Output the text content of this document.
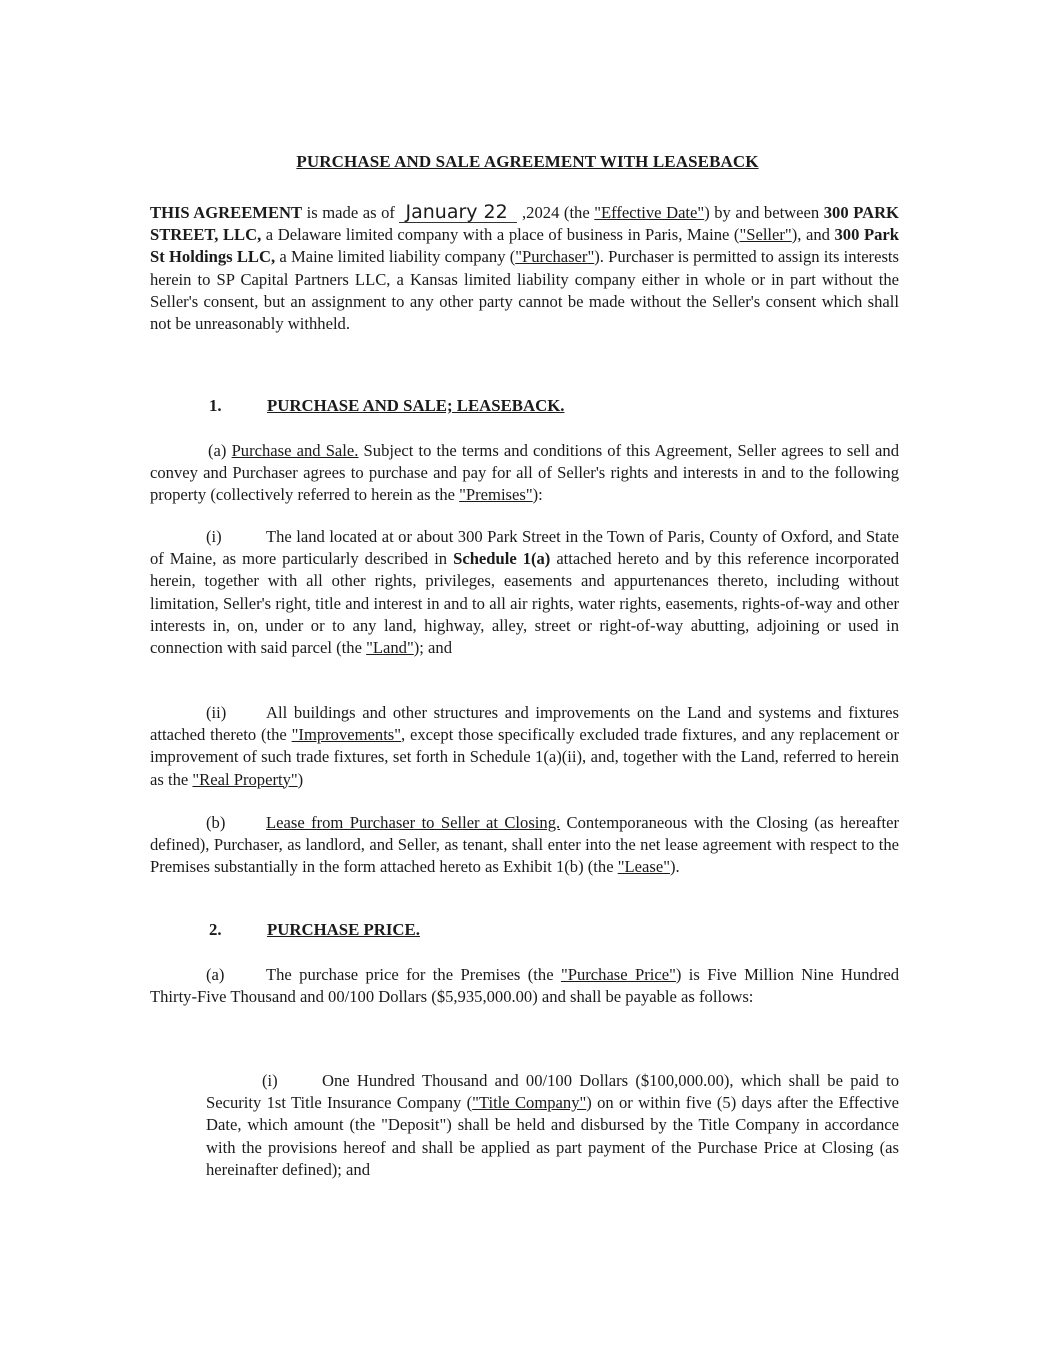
PURCHASE AND SALE AGREEMENT WITH LEASEBACK

THIS AGREEMENT is made as of January 22 ,2024 (the "Effective Date") by and between 300 PARK STREET, LLC, a Delaware limited company with a place of business in Paris, Maine ("Seller"), and 300 Park St Holdings LLC, a Maine limited liability company ("Purchaser"). Purchaser is permitted to assign its interests herein to SP Capital Partners LLC, a Kansas limited liability company either in whole or in part without the Seller's consent, but an assignment to any other party cannot be made without the Seller's consent which shall not be unreasonably withheld.

1.	PURCHASE AND SALE; LEASEBACK.

(a) Purchase and Sale. Subject to the terms and conditions of this Agreement, Seller agrees to sell and convey and Purchaser agrees to purchase and pay for all of Seller's rights and interests in and to the following property (collectively referred to herein as the "Premises"):

(i)	The land located at or about 300 Park Street in the Town of Paris, County of Oxford, and State of Maine, as more particularly described in Schedule 1(a) attached hereto and by this reference incorporated herein, together with all other rights, privileges, easements and appurtenances thereto, including without limitation, Seller's right, title and interest in and to all air rights, water rights, easements, rights-of-way and other interests in, on, under or to any land, highway, alley, street or right-of-way abutting, adjoining or used in connection with said parcel (the "Land"); and

(ii) All buildings and other structures and improvements on the Land and systems and fixtures attached thereto (the "Improvements", except those specifically excluded trade fixtures, and any replacement or improvement of such trade fixtures, set forth in Schedule 1(a)(ii), and, together with the Land, referred to herein as the "Real Property")

(b) Lease from Purchaser to Seller at Closing. Contemporaneous with the Closing (as hereafter defined), Purchaser, as landlord, and Seller, as tenant, shall enter into the net lease agreement with respect to the Premises substantially in the form attached hereto as Exhibit 1(b) (the "Lease").

2.	PURCHASE PRICE.

(a)	The purchase price for the Premises (the "Purchase Price") is Five Million Nine Hundred Thirty-Five Thousand and 00/100 Dollars ($5,935,000.00) and shall be payable as follows:

(i)	One Hundred Thousand and 00/100 Dollars ($100,000.00), which shall be paid to Security 1st Title Insurance Company ("Title Company") on or within five (5) days after the Effective Date, which amount (the "Deposit") shall be held and disbursed by the Title Company in accordance with the provisions hereof and shall be applied as part payment of the Purchase Price at Closing (as hereinafter defined); and
